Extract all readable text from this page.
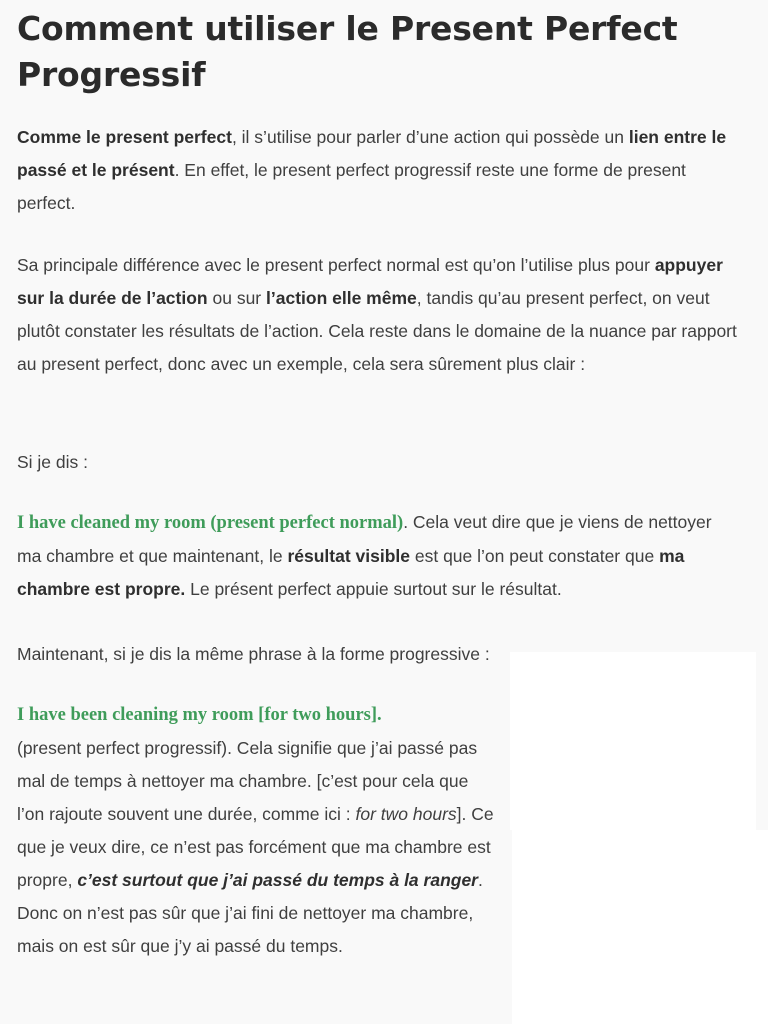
Comment utiliser le Present Perfect Progressif

Comme le present perfect, il s’utilise pour parler d’une action qui possède un lien entre le passé et le présent. En effet, le present perfect progressif reste une forme de present perfect.

Sa principale différence avec le present perfect normal est qu’on l’utilise plus pour appuyer sur la durée de l’action ou sur l’action elle même, tandis qu’au present perfect, on veut plutôt constater les résultats de l’action. Cela reste dans le domaine de la nuance par rapport au present perfect, donc avec un exemple, cela sera sûrement plus clair :

Si je dis :

I have cleaned my room (present perfect normal). Cela veut dire que je viens de nettoyer ma chambre et que maintenant, le résultat visible est que l’on peut constater que ma chambre est propre. Le présent perfect appuie surtout sur le résultat.

Maintenant, si je dis la même phrase à la forme progressive :

I have been cleaning my room [for two hours].
(present perfect progressif). Cela signifie que j’ai passé pas mal de temps à nettoyer ma chambre. [c’est pour cela que l’on rajoute souvent une durée, comme ici : for two hours]. Ce que je veux dire, ce n’est pas forcément que ma chambre est propre, c’est surtout que j’ai passé du temps à la ranger. Donc on n’est pas sûr que j’ai fini de nettoyer ma chambre, mais on est sûr que j’y ai passé du temps.
